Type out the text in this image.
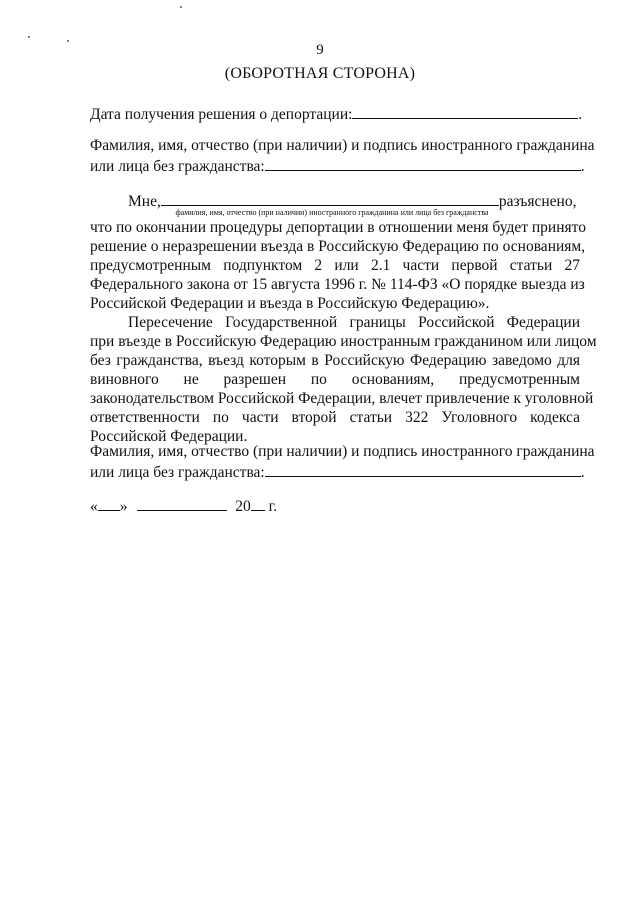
9
(ОБОРОТНАЯ СТОРОНА)
Дата получения решения о депортации:	.
Фамилия, имя, отчество (при наличии) и подпись иностранного гражданина
или лица без гражданства:	.
Мне,	разъяснено,
фамилия, имя, отчество (при наличии) иностранного гражданина или лица без гражданства
что по окончании процедуры депортации в отношении меня будет принято
решение о неразрешении въезда в Российскую Федерацию по основаниям,
предусмотренным подпунктом 2 или 2.1 части первой статьи 27
Федерального закона от 15 августа 1996 г. № 114-ФЗ «О порядке выезда из
Российской Федерации и въезда в Российскую Федерацию».
Пересечение Государственной границы Российской Федерации
при въезде в Российскую Федерацию иностранным гражданином или лицом
без гражданства, въезд которым в Российскую Федерацию заведомо для
виновного не разрешен по основаниям, предусмотренным
законодательством Российской Федерации, влечет привлечение к уголовной
ответственности по части второй статьи 322 Уголовного кодекса
Российской Федерации.
Фамилия, имя, отчество (при наличии) и подпись иностранного гражданина
или лица без гражданства:	.
« »	20 г.
